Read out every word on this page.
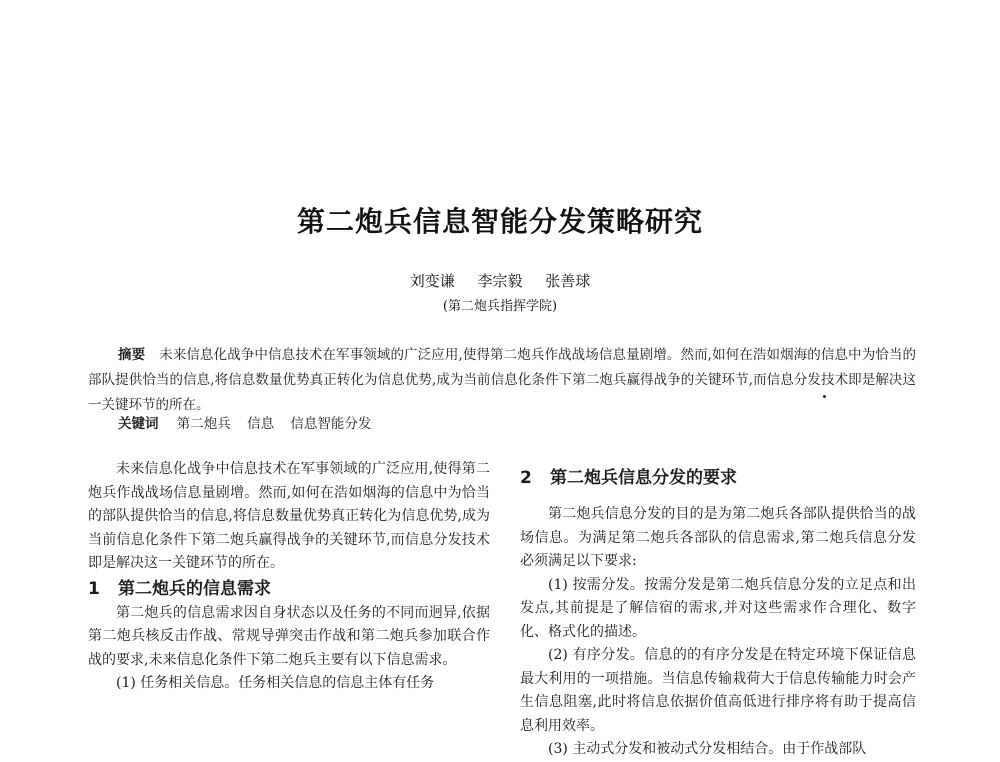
第二炮兵信息智能分发策略研究
刘变谦 李宗毅 张善球
(第二炮兵指挥学院)
摘要 未来信息化战争中信息技术在军事领域的广泛应用,使得第二炮兵作战战场信息量剧增。然而,如何在浩如烟海的信息中为恰当的部队提供恰当的信息,将信息数量优势真正转化为信息优势,成为当前信息化条件下第二炮兵赢得战争的关键环节,而信息分发技术即是解决这一关键环节的所在。
关键词 第二炮兵 信息 信息智能分发

未来信息化战争中信息技术在军事领域的广泛应用,使得第二炮兵作战战场信息量剧增。然而,如何在浩如烟海的信息中为恰当的部队提供恰当的信息,将信息数量优势真正转化为信息优势,成为当前信息化条件下第二炮兵赢得战争的关键环节,而信息分发技术即是解决这一关键环节的所在。

1 第二炮兵的信息需求

第二炮兵的信息需求因自身状态以及任务的不同而迥异,依据第二炮兵核反击作战、常规导弹突击作战和第二炮兵参加联合作战的要求,未来信息化条件下第二炮兵主要有以下信息需求。

(1) 任务相关信息。任务相关信息的信息主体有任务

2 第二炮兵信息分发的要求

第二炮兵信息分发的目的是为第二炮兵各部队提供恰当的战场信息。为满足第二炮兵各部队的信息需求,第二炮兵信息分发必须满足以下要求:

(1) 按需分发。按需分发是第二炮兵信息分发的立足点和出发点,其前提是了解信宿的需求,并对这些需求作合理化、数字化、格式化的描述。

(2) 有序分发。信息的的有序分发是在特定环境下保证信息最大利用的一项措施。当信息传输栽荷大于信息传输能力时会产生信息阻塞,此时将信息依据价值高低进行排序将有助于提高信息利用效率。

(3) 主动式分发和被动式分发相结合。由于作战部队
